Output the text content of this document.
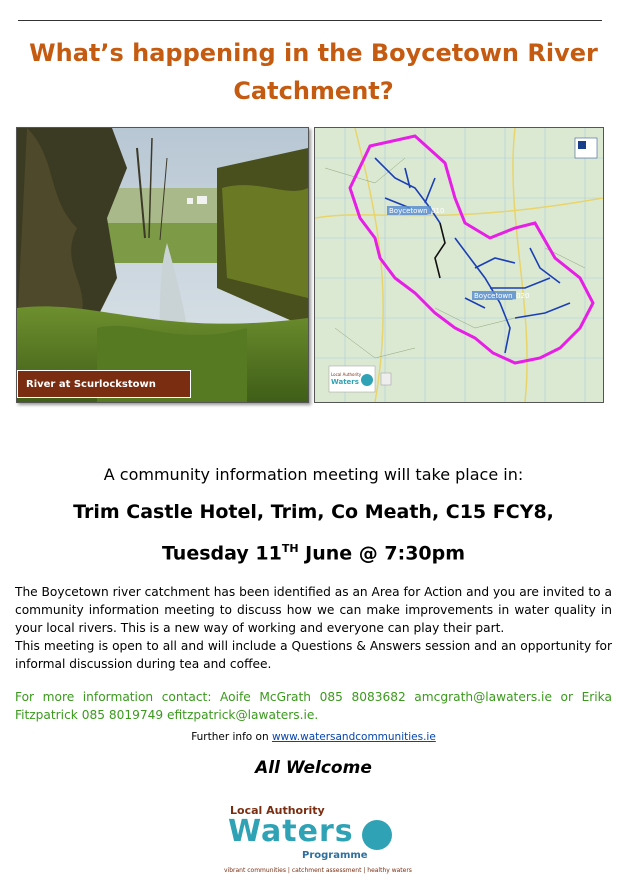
What’s happening in the Boycetown River Catchment?
River at Scurlockstown Bridge
Boycetown_010
Boycetown_020
Local Authority
Waters
A community information meeting will take place in:
Trim Castle Hotel, Trim, Co Meath, C15 FCY8,
Tuesday 11TH June @ 7:30pm

The Boycetown river catchment has been identified as an Area for Action and you are invited to a community information meeting to discuss how we can make improvements in water quality in your local rivers. This is a new way of working and everyone can play their part.

This meeting is open to all and will include a Questions & Answers session and an opportunity for informal discussion during tea and coffee.

For more information contact: Aoife McGrath 085 8083682 amcgrath@lawaters.ie or Erika Fitzpatrick 085 8019749 efitzpatrick@lawaters.ie.
Further info on www.watersandcommunities.ie
All Welcome
Local Authority
Waters
Programme
vibrant communities | catchment assessment | healthy waters
